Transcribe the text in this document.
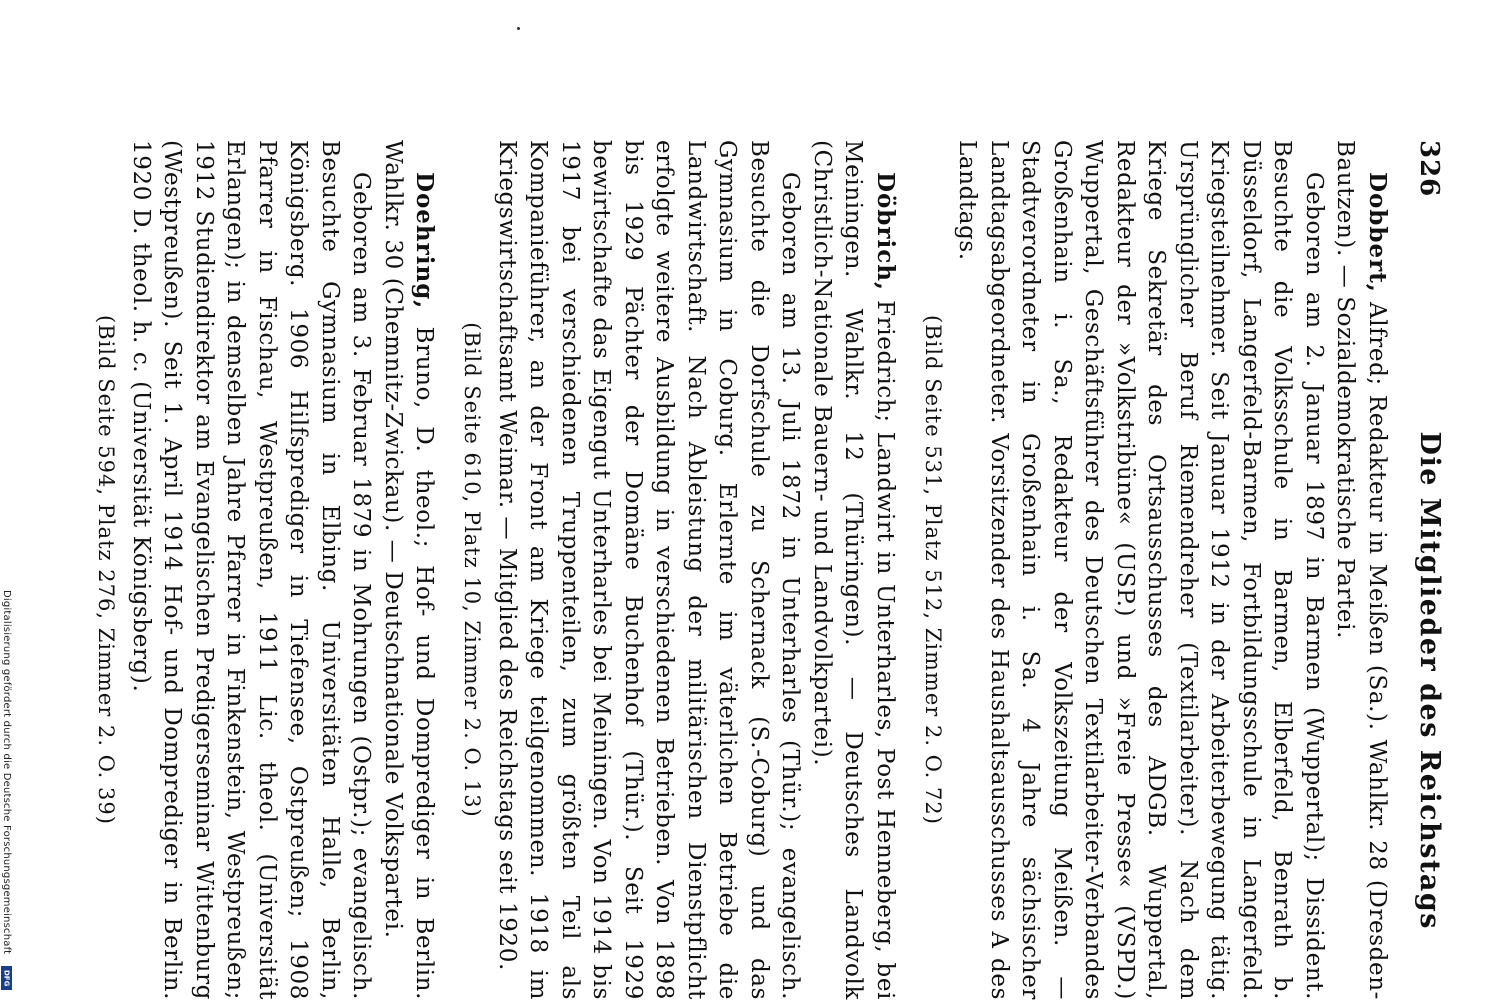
326
Die Mitglieder des Reichstags

Dobbert, Alfred; Redakteur in Meißen (Sa.). Wahlkr. 28 (Dresden-Bautzen). — Sozialdemokratische Partei.

Geboren am 2. Januar 1897 in Barmen (Wuppertal); Dissident. Besuchte die Volksschule in Barmen, Elberfeld, Benrath b. Düsseldorf, Langerfeld-Barmen, Fortbildungsschule in Langerfeld. Kriegsteilnehmer. Seit Januar 1912 in der Arbeiterbewegung tätig. Ursprünglicher Beruf Riemendreher (Textilarbeiter). Nach dem Kriege Sekretär des Ortsausschusses des ADGB. Wuppertal, Redakteur der »Volkstribüne« (USP.) und »Freie Presse« (VSPD.) Wuppertal, Geschäftsführer des Deutschen Textilarbeiter-Verbandes Großenhain i. Sa., Redakteur der Volkszeitung Meißen. — Stadtverordneter in Großenhain i. Sa. 4 Jahre sächsischer Landtagsabgeordneter. Vorsitzender des Haushaltsausschusses A des Landtags.

(Bild Seite 531, Platz 512, Zimmer 2. O. 72)

Döbrich, Friedrich; Landwirt in Unterharles, Post Henneberg, bei Meiningen. Wahlkr. 12 (Thüringen). — Deutsches Landvolk (Christlich-Nationale Bauern- und Landvolkpartei).

Geboren am 13. Juli 1872 in Unterharles (Thür.); evangelisch. Besuchte die Dorfschule zu Schernack (S.-Coburg) und das Gymnasium in Coburg. Erlernte im väterlichen Betriebe die Landwirtschaft. Nach Ableistung der militärischen Dienstpflicht erfolgte weitere Ausbildung in verschiedenen Betrieben. Von 1898 bis 1929 Pächter der Domäne Buchenhof (Thür.). Seit 1929 bewirtschafte das Eigengut Unterharles bei Meiningen. Von 1914 bis 1917 bei verschiedenen Truppenteilen, zum größten Teil als Kompanieführer, an der Front am Kriege teilgenommen. 1918 im Kriegswirtschaftsamt Weimar. — Mitglied des Reichstags seit 1920.

(Bild Seite 610, Platz 10, Zimmer 2. O. 13)

Doehring, Bruno, D. theol.; Hof- und Domprediger in Berlin. Wahlkr. 30 (Chemnitz-Zwickau). — Deutschnationale Volkspartei.

Geboren am 3. Februar 1879 in Mohrungen (Ostpr.); evangelisch. Besuchte Gymnasium in Elbing. Universitäten Halle, Berlin, Königsberg. 1906 Hilfsprediger in Tiefensee, Ostpreußen; 1908 Pfarrer in Fischau, Westpreußen, 1911 Lic. theol. (Universität Erlangen); in demselben Jahre Pfarrer in Finkenstein, Westpreußen; 1912 Studiendirektor am Evangelischen Predigerseminar Wittenburg (Westpreußen). Seit 1. April 1914 Hof- und Domprediger in Berlin. 1920 D. theol. h. c. (Universität Königsberg).

(Bild Seite 594, Platz 276, Zimmer 2. O. 39)
Digitalisierung gefördert durch die Deutsche Forschungsgemeinschaft
DFG
